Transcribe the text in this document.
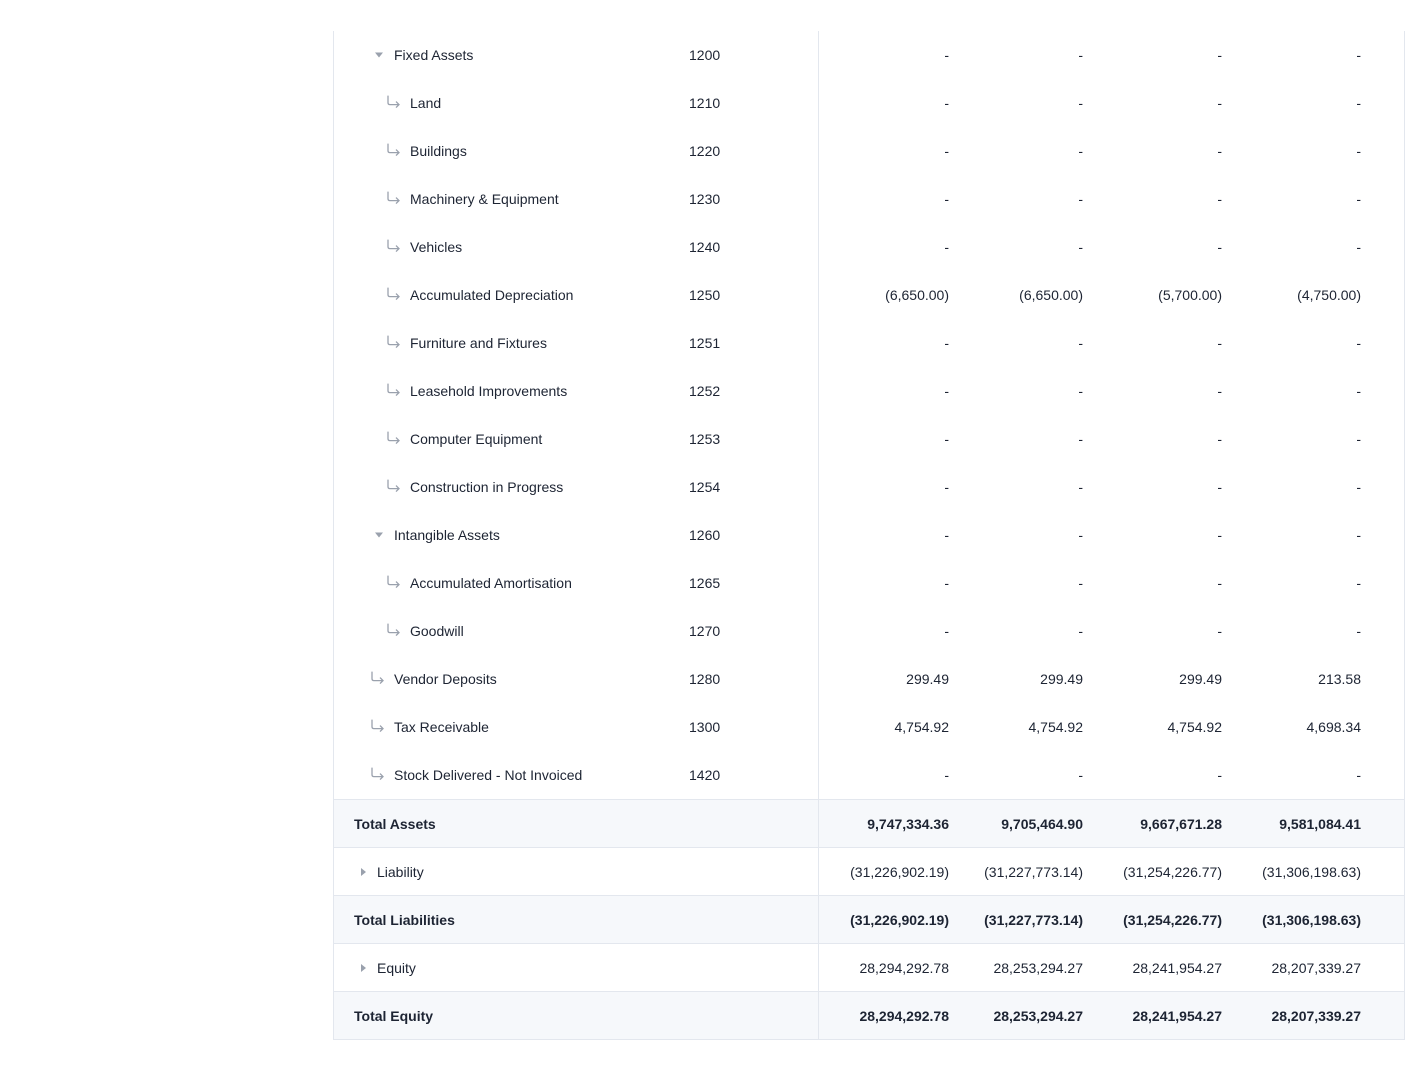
Fixed Assets	1200	-	-	-	-
Land	1210	-	-	-	-
Buildings	1220	-	-	-	-
Machinery & Equipment	1230	-	-	-	-
Vehicles	1240	-	-	-	-
Accumulated Depreciation	1250	(6,650.00)	(6,650.00)	(5,700.00)	(4,750.00)
Furniture and Fixtures	1251	-	-	-	-
Leasehold Improvements	1252	-	-	-	-
Computer Equipment	1253	-	-	-	-
Construction in Progress	1254	-	-	-	-
Intangible Assets	1260	-	-	-	-
Accumulated Amortisation	1265	-	-	-	-
Goodwill	1270	-	-	-	-
Vendor Deposits	1280	299.49	299.49	299.49	213.58
Tax Receivable	1300	4,754.92	4,754.92	4,754.92	4,698.34
Stock Delivered - Not Invoiced	1420	-	-	-	-
Total Assets	9,747,334.36	9,705,464.90	9,667,671.28	9,581,084.41
Liability	(31,226,902.19)	(31,227,773.14)	(31,254,226.77)	(31,306,198.63)
Total Liabilities	(31,226,902.19)	(31,227,773.14)	(31,254,226.77)	(31,306,198.63)
Equity	28,294,292.78	28,253,294.27	28,241,954.27	28,207,339.27
Total Equity	28,294,292.78	28,253,294.27	28,241,954.27	28,207,339.27
